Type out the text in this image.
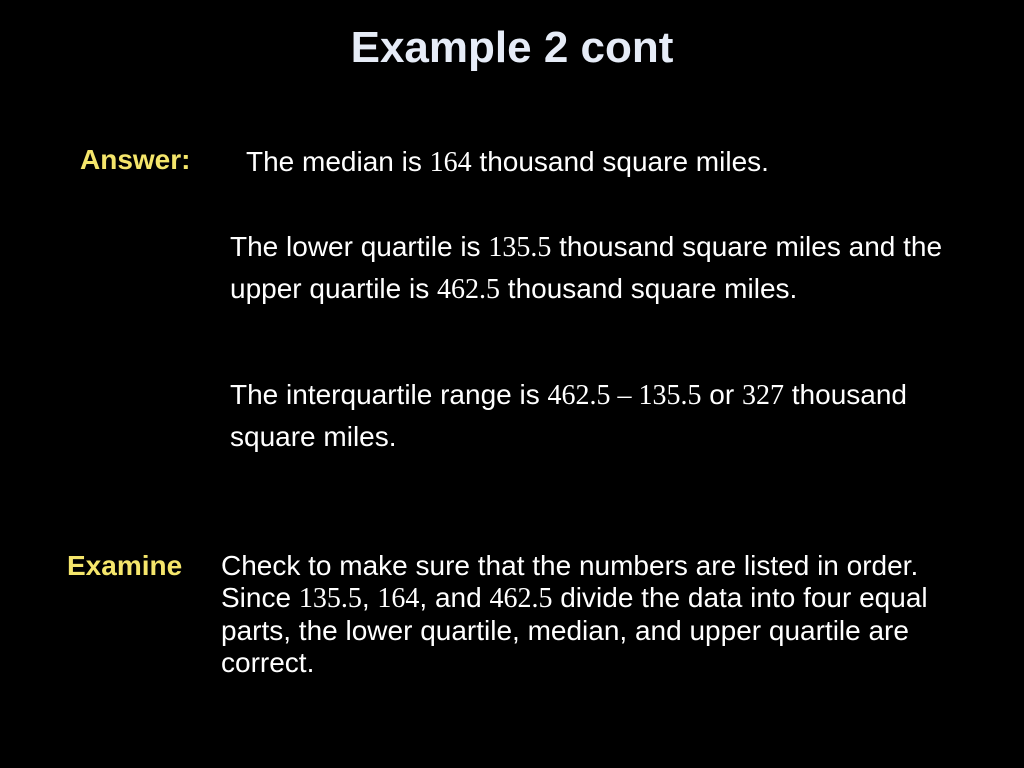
Example 2 cont
Answer: The median is 164 thousand square miles.

The lower quartile is 135.5 thousand square miles and the upper quartile is 462.5 thousand square miles.

The interquartile range is 462.5 – 135.5 or 327 thousand square miles.

Examine Check to make sure that the numbers are listed in order. Since 135.5, 164, and 462.5 divide the data into four equal parts, the lower quartile, median, and upper quartile are correct.
